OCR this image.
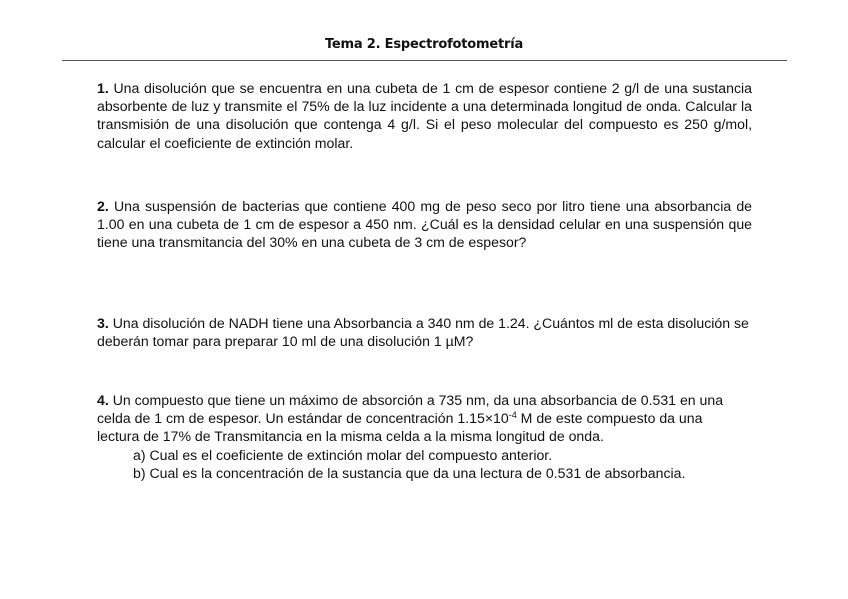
Tema 2. Espectrofotometría

1. Una disolución que se encuentra en una cubeta de 1 cm de espesor contiene 2 g/l de una sustancia absorbente de luz y transmite el 75% de la luz incidente a una determinada longitud de onda. Calcular la transmisión de una disolución que contenga 4 g/l. Si el peso molecular del compuesto es 250 g/mol, calcular el coeficiente de extinción molar.

2. Una suspensión de bacterias que contiene 400 mg de peso seco por litro tiene una absorbancia de 1.00 en una cubeta de 1 cm de espesor a 450 nm. ¿Cuál es la densidad celular en una suspensión que tiene una transmitancia del 30% en una cubeta de 3 cm de espesor?

3. Una disolución de NADH tiene una Absorbancia a 340 nm de 1.24. ¿Cuántos ml de esta disolución se deberán tomar para preparar 10 ml de una disolución 1 µM?

4. Un compuesto que tiene un máximo de absorción a 735 nm, da una absorbancia de 0.531 en una celda de 1 cm de espesor. Un estándar de concentración $1.15\times 10^{-4}$ M de este compuesto da una lectura de 17% de Transmitancia en la misma celda a la misma longitud de onda.
a) Cual es el coeficiente de extinción molar del compuesto anterior.
b) Cual es la concentración de la sustancia que da una lectura de 0.531 de absorbancia.
